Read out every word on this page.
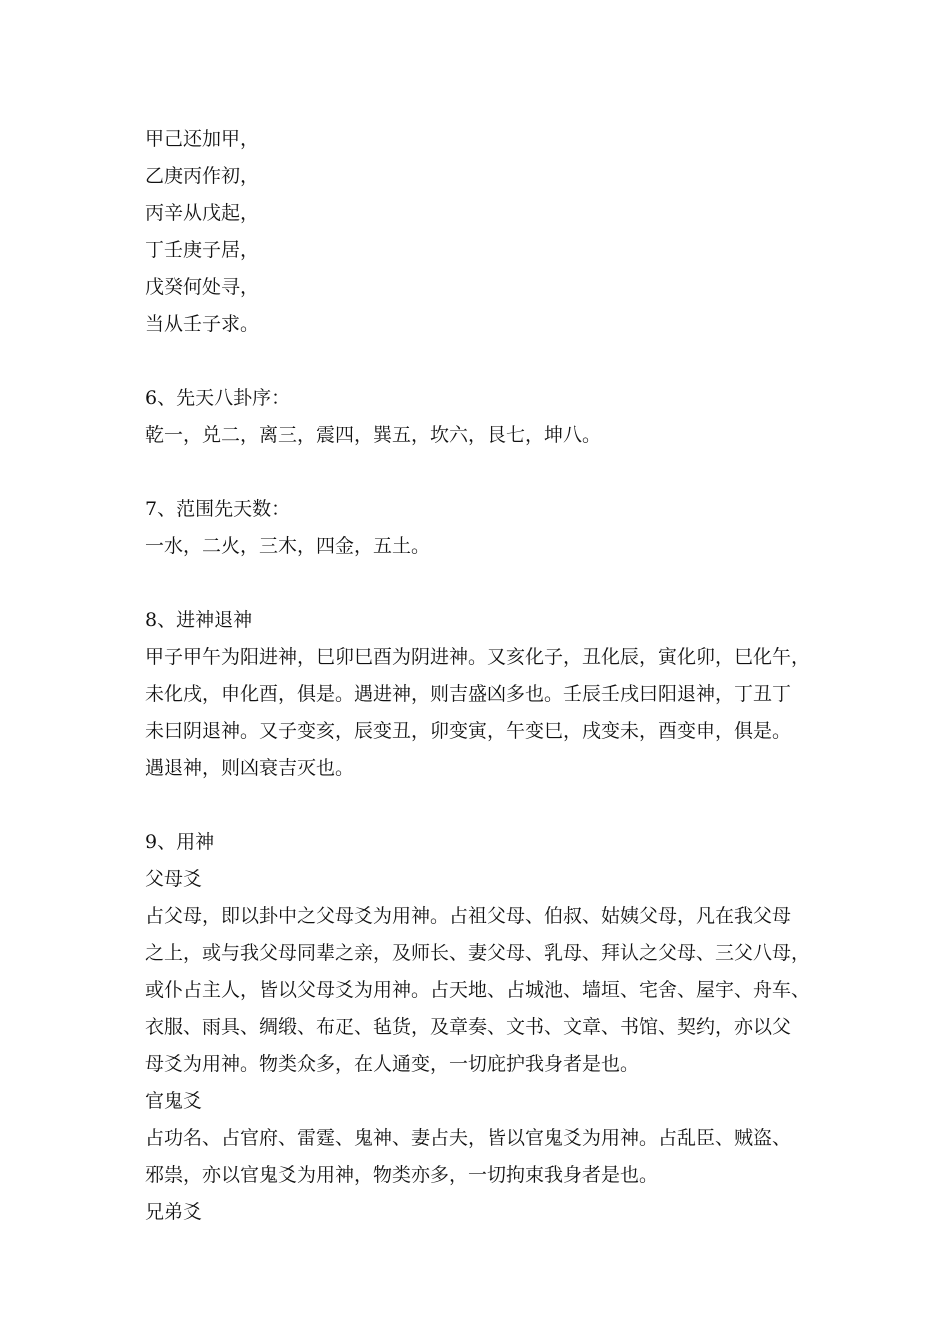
甲己还加甲，
乙庚丙作初，
丙辛从戊起，
丁壬庚子居，
戊癸何处寻，
当从壬子求。
6、先天八卦序：
乾一，兑二，离三，震四，巽五，坎六，艮七，坤八。
7、范围先天数：
一水，二火，三木，四金，五土。
8、进神退神
甲子甲午为阳进神，巳卯巳酉为阴进神。又亥化子，丑化辰，寅化卯，巳化午，
未化戌，申化酉，俱是。遇进神，则吉盛凶多也。壬辰壬戌曰阳退神，丁丑丁
未曰阴退神。又子变亥，辰变丑，卯变寅，午变巳，戌变未，酉变申，俱是。
遇退神，则凶衰吉灭也。
9、用神
父母爻
占父母，即以卦中之父母爻为用神。占祖父母、伯叔、姑姨父母，凡在我父母
之上，或与我父母同辈之亲，及师长、妻父母、乳母、拜认之父母、三父八母，
或仆占主人，皆以父母爻为用神。占天地、占城池、墙垣、宅舍、屋宇、舟车、
衣服、雨具、绸缎、布疋、毡货，及章奏、文书、文章、书馆、契约，亦以父
母爻为用神。物类众多，在人通变，一切庇护我身者是也。
官鬼爻
占功名、占官府、雷霆、鬼神、妻占夫，皆以官鬼爻为用神。占乱臣、贼盗、
邪祟，亦以官鬼爻为用神，物类亦多，一切拘束我身者是也。
兄弟爻
